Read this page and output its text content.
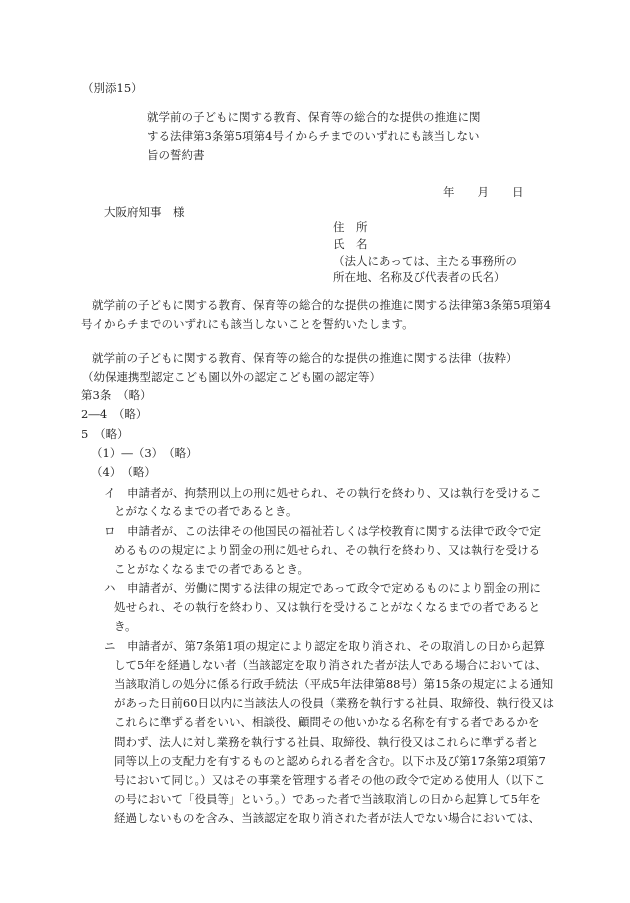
（別添15）
就学前の子どもに関する教育、保育等の総合的な提供の推進に関
する法律第3条第5項第4号イからチまでのいずれにも該当しない
旨の誓約書
年　　月　　日
大阪府知事　様
住　所
氏　名
（法人にあっては、主たる事務所の
所在地、名称及び代表者の氏名）
就学前の子どもに関する教育、保育等の総合的な提供の推進に関する法律第3条第5項第4
号イからチまでのいずれにも該当しないことを誓約いたします。
就学前の子どもに関する教育、保育等の総合的な提供の推進に関する法律（抜粋）
（幼保連携型認定こども園以外の認定こども園の認定等）
第3条　（略）
2―4　（略）
5　（略）
（1）―（3）　（略）
（4）　（略）
イ　申請者が、拘禁刑以上の刑に処せられ、その執行を終わり、又は執行を受けるこ
とがなくなるまでの者であるとき。
ロ　申請者が、この法律その他国民の福祉若しくは学校教育に関する法律で政令で定
めるものの規定により罰金の刑に処せられ、その執行を終わり、又は執行を受ける
ことがなくなるまでの者であるとき。
ハ　申請者が、労働に関する法律の規定であって政令で定めるものにより罰金の刑に
処せられ、その執行を終わり、又は執行を受けることがなくなるまでの者であると
き。
ニ　申請者が、第7条第1項の規定により認定を取り消され、その取消しの日から起算
して5年を経過しない者（当該認定を取り消された者が法人である場合においては、
当該取消しの処分に係る行政手続法（平成5年法律第88号）第15条の規定による通知
があった日前60日以内に当該法人の役員（業務を執行する社員、取締役、執行役又は
これらに準ずる者をいい、相談役、顧問その他いかなる名称を有する者であるかを
問わず、法人に対し業務を執行する社員、取締役、執行役又はこれらに準ずる者と
同等以上の支配力を有するものと認められる者を含む。以下ホ及び第17条第2項第7
号において同じ。）又はその事業を管理する者その他の政令で定める使用人（以下こ
の号において「役員等」という。）であった者で当該取消しの日から起算して5年を
経過しないものを含み、当該認定を取り消された者が法人でない場合においては、
